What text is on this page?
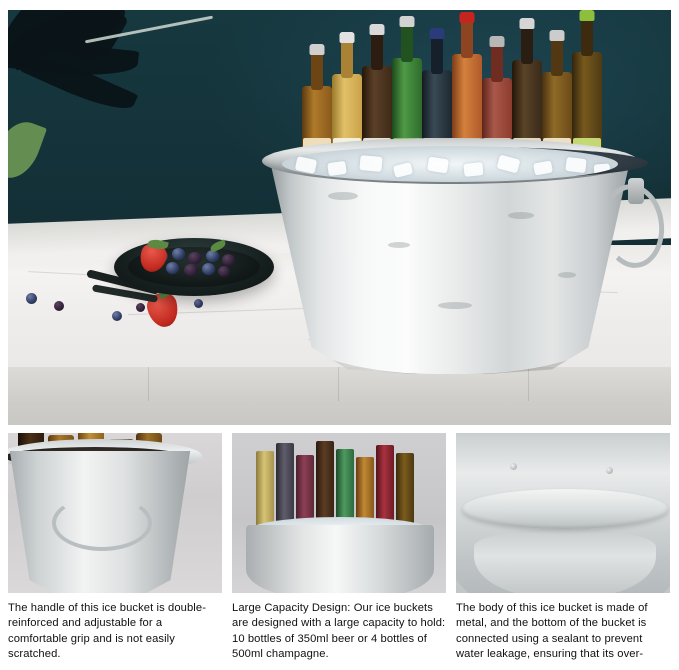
The handle of this ice bucket is double-reinforced and adjustable for a comfortable grip and is not easily scratched.
Large Capacity Design: Our ice buckets are designed with a large capacity to hold: 10 bottles of 350ml beer or 4 bottles of 500ml champagne.
The body of this ice bucket is made of metal, and the bottom of the bucket is connected using a sealant to prevent water leakage, ensuring that its over-
